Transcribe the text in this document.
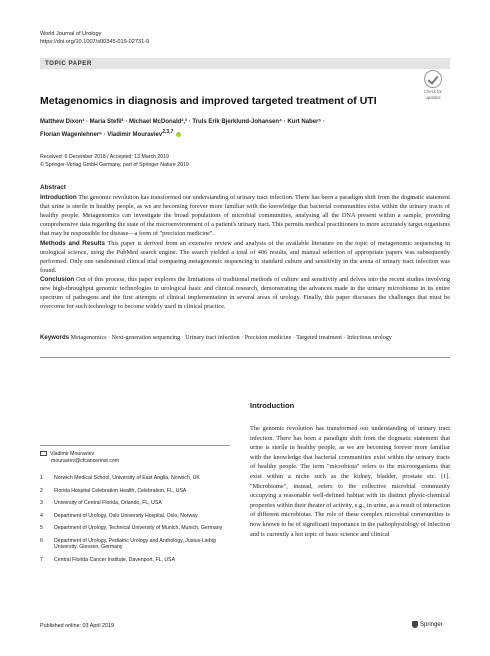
World Journal of Urology
https://doi.org/10.1007/s00345-019-02731-9
TOPIC PAPER
Check for
updates
Metagenomics in diagnosis and improved targeted treatment of UTI
Matthew Dixon¹ · Maria Stefil¹ · Michael McDonald²,³ · Truls Erik Bjerklund‑Johansen⁴ · Kurt Naber⁵ ·
Florian Wagenlehner⁶ · Vladimir Mouraviev$^{2,3,7}$
Received: 6 December 2018 / Accepted: 13 March 2019
© Springer-Verlag GmbH Germany, part of Springer Nature 2019
Abstract

Introduction The genomic revolution has transformed our understanding of urinary tract infection. There has been a paradigm shift from the dogmatic statement that urine is sterile in healthy people, as we are becoming forever more familiar with the knowledge that bacterial communities exist within the urinary tracts of healthy people. Metagenomics can investigate the broad populations of microbial communities, analysing all the DNA present within a sample, providing comprehensive data regarding the state of the microenvironment of a patient's urinary tract. This permits medical practitioners to more accurately target organisms that may be responsible for disease—a form of "precision medicine".

Methods and Results This paper is derived from an extensive review and analysis of the available literature on the topic of metagenomic sequencing in urological science, using the PubMed search engine. The search yielded a total of 406 results, and manual selection of appropriate papers was subsequently performed. Only one randomised clinical trial comparing metagenomic sequencing to standard culture and sensitivity in the arena of urinary tract infection was found.

Conclusion Out of this process, this paper explores the limitations of traditional methods of culture and sensitivity and delves into the recent studies involving new high-throughput genomic technologies in urological basic and clinical research, demonstrating the advances made in the urinary microbiome in its entire spectrum of pathogens and the first attempts of clinical implementation in several areas of urology. Finally, this paper discusses the challenges that must be overcome for such technology to become widely used in clinical practice.

Keywords Metagenomics · Next-generation sequencing · Urinary tract infection · Precision medicine · Targeted treatment · Infectious urology
Introduction
The genomic revolution has transformed our understanding of urinary tract infection. There has been a paradigm shift from the dogmatic statement that urine is sterile in healthy people, as we are becoming forever more familiar with the knowledge that bacterial communities exist within the urinary tracts of healthy people. The term "microbiota" refers to the microorganisms that exist within a niche such as the kidney, bladder, prostate etc. [1]. "Microbiome", instead, refers to the collective microbial community occupying a reasonable well-defined habitat with its distinct physic-chemical properties within their theater of activity, e.g., in urine, as a result of interaction of different microbiotas. The role of these complex microbial communities is now known to be of significant importance in the pathophysiology of infection and is currently a hot topic of basic science and clinical
Vladimir Mouraviev
mouraviev@cfcancerinst.com
1	Norwich Medical School, University of East Anglia, Norwich, UK
2	Florida Hospital Celebration Health, Celebration, FL, USA
3	University of Central Florida, Orlando, FL, USA
4	Department of Urology, Oslo University Hospital, Oslo, Norway
5	Department of Urology, Technical University of Munich, Munich, Germany
6	Department of Urology, Pediatric Urology and Andrology, Justus-Liebig University, Giessen, Germany
7	Central Florida Cancer Institute, Davenport, FL, USA
Published online: 03 April 2019	Springer
